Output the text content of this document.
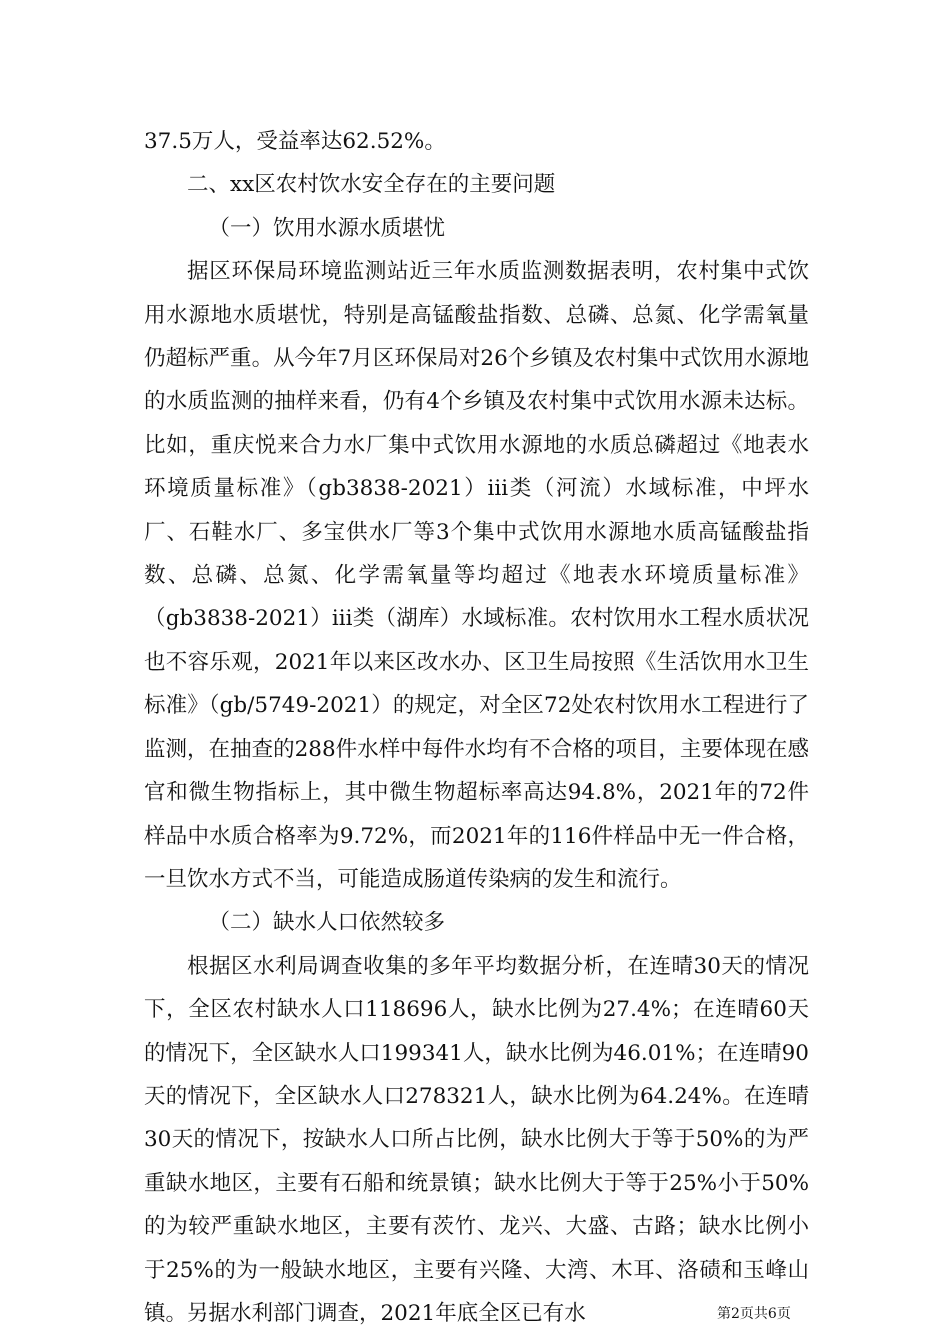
37.5万人，受益率达62.52%。

二、xx区农村饮水安全存在的主要问题

（一）饮用水源水质堪忧

据区环保局环境监测站近三年水质监测数据表明，农村集中式饮用水源地水质堪忧，特别是高锰酸盐指数、总磷、总氮、化学需氧量仍超标严重。从今年7月区环保局对26个乡镇及农村集中式饮用水源地的水质监测的抽样来看，仍有4个乡镇及农村集中式饮用水源未达标。比如，重庆悦来合力水厂集中式饮用水源地的水质总磷超过《地表水环境质量标准》（gb3838-2021）iii类（河流）水域标准，中坪水厂、石鞋水厂、多宝供水厂等3个集中式饮用水源地水质高锰酸盐指数、总磷、总氮、化学需氧量等均超过《地表水环境质量标准》（gb3838-2021）iii类（湖库）水域标准。农村饮用水工程水质状况也不容乐观，2021年以来区改水办、区卫生局按照《生活饮用水卫生标准》（gb/5749-2021）的规定，对全区72处农村饮用水工程进行了监测，在抽查的288件水样中每件水均有不合格的项目，主要体现在感官和微生物指标上，其中微生物超标率高达94.8%，2021年的72件样品中水质合格率为9.72%，而2021年的116件样品中无一件合格，一旦饮水方式不当，可能造成肠道传染病的发生和流行。

（二）缺水人口依然较多

根据区水利局调查收集的多年平均数据分析，在连晴30天的情况下，全区农村缺水人口118696人，缺水比例为27.4%；在连晴60天的情况下，全区缺水人口199341人，缺水比例为46.01%；在连晴90天的情况下，全区缺水人口278321人，缺水比例为64.24%。在连晴30天的情况下，按缺水人口所占比例，缺水比例大于等于50%的为严重缺水地区，主要有石船和统景镇；缺水比例大于等于25%小于50%的为较严重缺水地区，主要有茨竹、龙兴、大盛、古路；缺水比例小于25%的为一般缺水地区，主要有兴隆、大湾、木耳、洛碛和玉峰山镇。另据水利部门调查，2021年底全区已有水	第2页共6页
